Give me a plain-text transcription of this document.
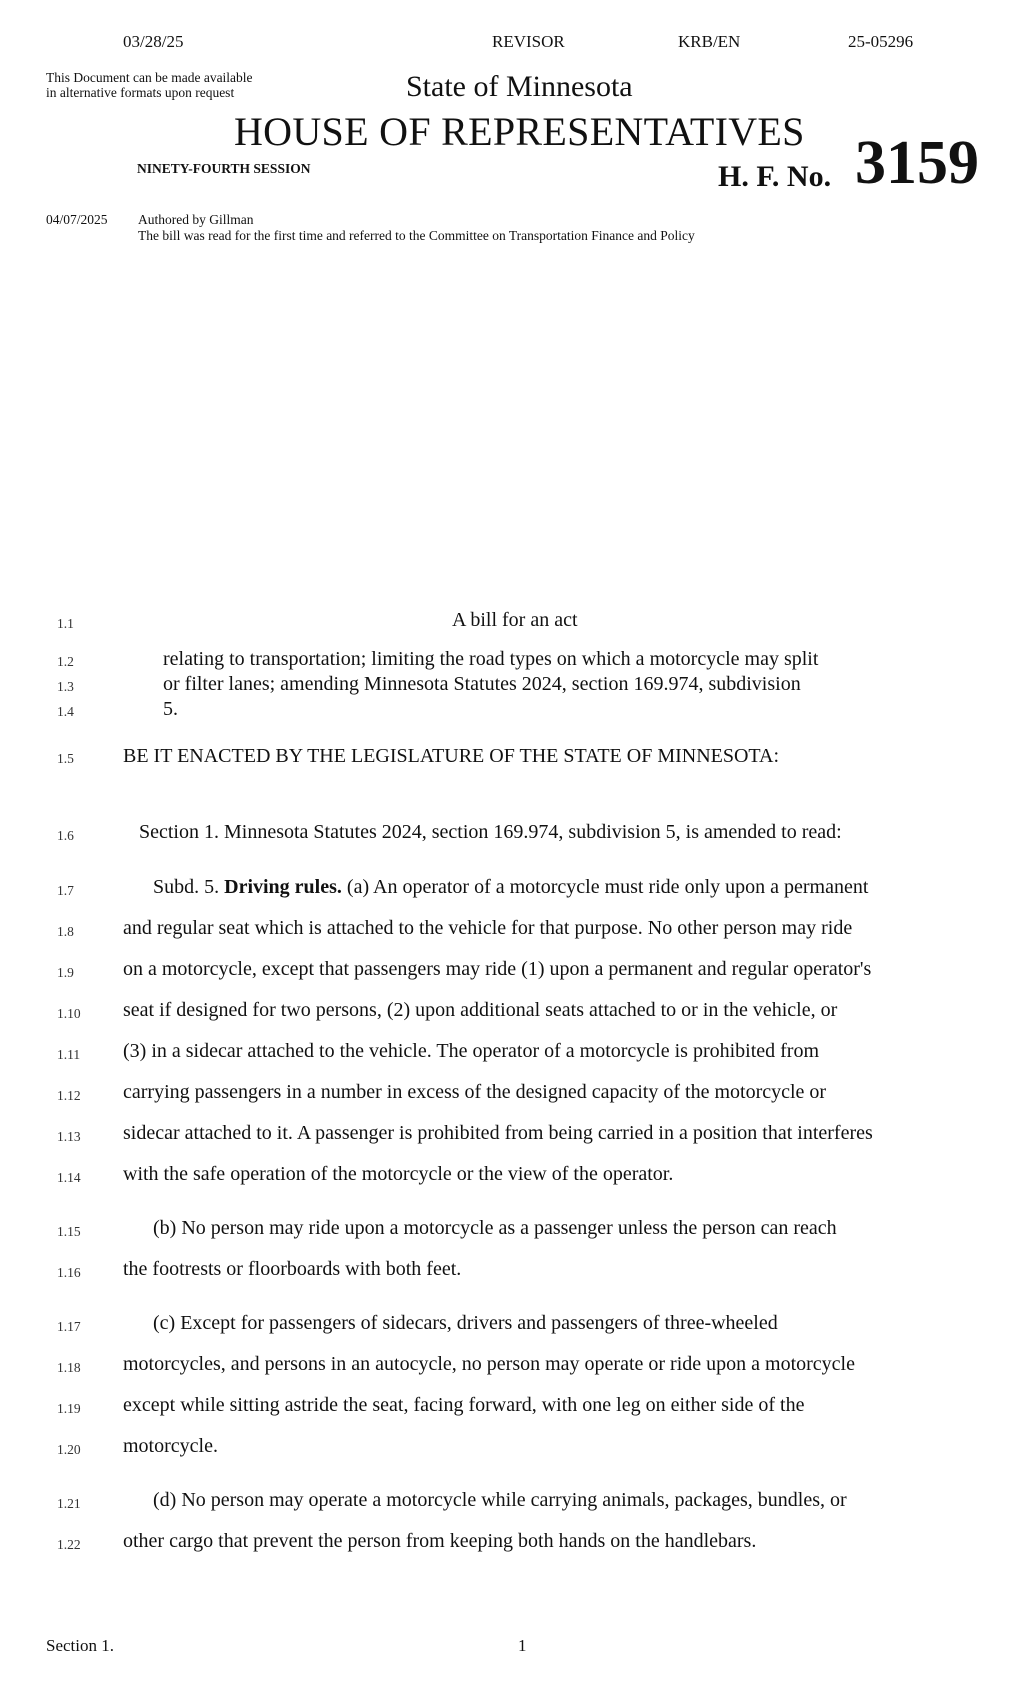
03/28/25	REVISOR	KRB/EN	25-05296
This Document can be made available
in alternative formats upon request	State of Minnesota
HOUSE OF REPRESENTATIVES
NINETY-FOURTH SESSION	H. F. No. 3159
04/07/2025 Authored by Gillman
The bill was read for the first time and referred to the Committee on Transportation Finance and Policy
1.1	A bill for an act
1.2	relating to transportation; limiting the road types on which a motorcycle may split
1.3	or filter lanes; amending Minnesota Statutes 2024, section 169.974, subdivision
1.4	5.
1.5 BE IT ENACTED BY THE LEGISLATURE OF THE STATE OF MINNESOTA:
1.6	Section 1. Minnesota Statutes 2024, section 169.974, subdivision 5, is amended to read:
1.7	Subd. 5. Driving rules. (a) An operator of a motorcycle must ride only upon a permanent
1.8 and regular seat which is attached to the vehicle for that purpose. No other person may ride
1.9 on a motorcycle, except that passengers may ride (1) upon a permanent and regular operator's
1.10 seat if designed for two persons, (2) upon additional seats attached to or in the vehicle, or
1.11 (3) in a sidecar attached to the vehicle. The operator of a motorcycle is prohibited from
1.12 carrying passengers in a number in excess of the designed capacity of the motorcycle or
1.13 sidecar attached to it. A passenger is prohibited from being carried in a position that interferes
1.14 with the safe operation of the motorcycle or the view of the operator.
1.15	(b) No person may ride upon a motorcycle as a passenger unless the person can reach
1.16 the footrests or floorboards with both feet.
1.17	(c) Except for passengers of sidecars, drivers and passengers of three-wheeled
1.18 motorcycles, and persons in an autocycle, no person may operate or ride upon a motorcycle
1.19 except while sitting astride the seat, facing forward, with one leg on either side of the
1.20 motorcycle.
1.21	(d) No person may operate a motorcycle while carrying animals, packages, bundles, or
1.22 other cargo that prevent the person from keeping both hands on the handlebars.
Section 1.	1
